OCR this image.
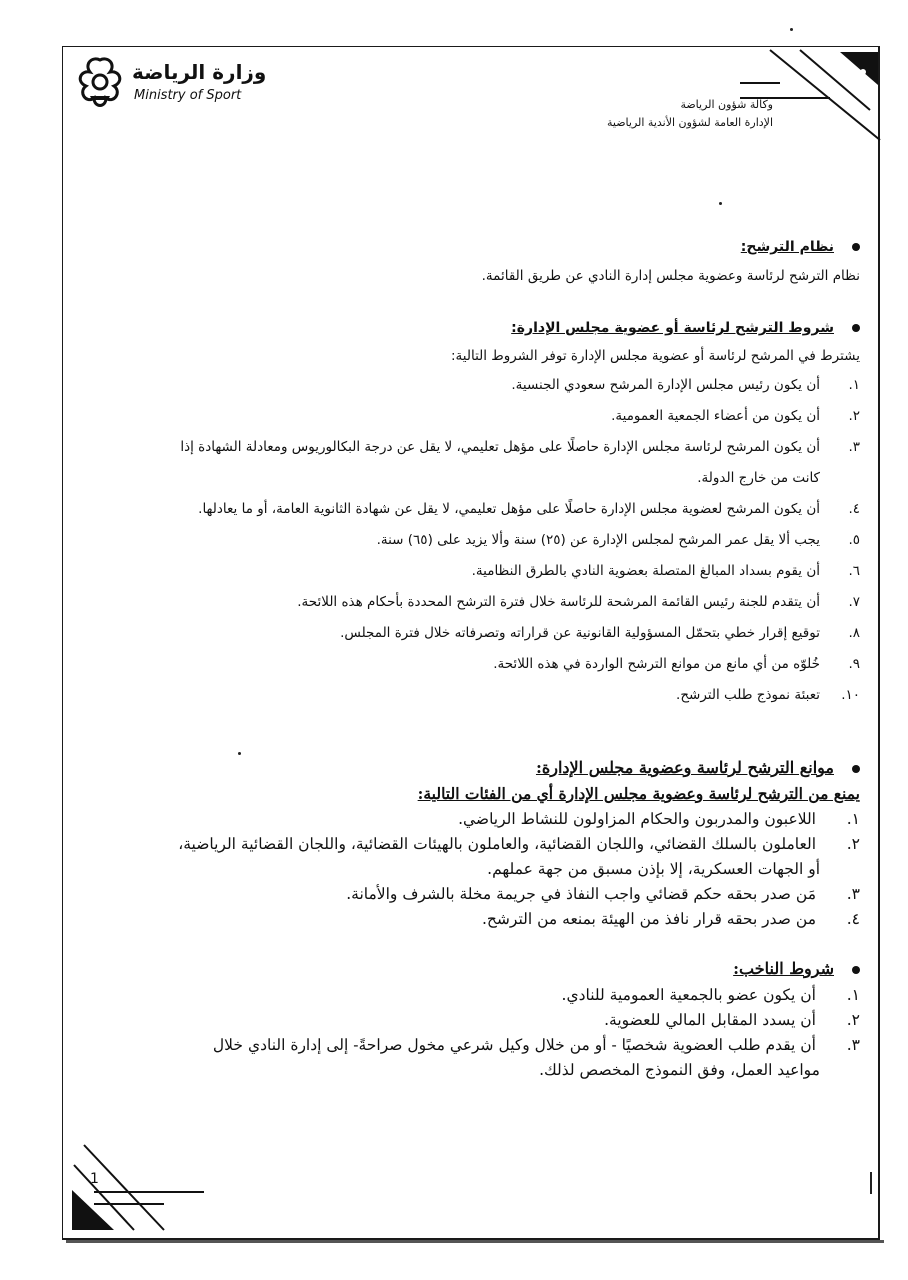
وزارة الرياضة
Ministry of Sport
وكالة شؤون الرياضة
الإدارة العامة لشؤون الأندية الرياضية
1
نظام الترشح:
نظام الترشح لرئاسة وعضوية مجلس إدارة النادي عن طريق القائمة.
شروط الترشح لرئاسة أو عضوية مجلس الإدارة:
يشترط في المرشح لرئاسة أو عضوية مجلس الإدارة توفر الشروط التالية:
١.أن يكون رئيس مجلس الإدارة المرشح سعودي الجنسية.
٢.أن يكون من أعضاء الجمعية العمومية.
٣.أن يكون المرشح لرئاسة مجلس الإدارة حاصلًا على مؤهل تعليمي، لا يقل عن درجة البكالوريوس ومعادلة الشهادة إذا
كانت من خارج الدولة.
٤.أن يكون المرشح لعضوية مجلس الإدارة حاصلًا على مؤهل تعليمي، لا يقل عن شهادة الثانوية العامة، أو ما يعادلها.
٥.يجب ألا يقل عمر المرشح لمجلس الإدارة عن (٢٥) سنة وألا يزيد على (٦٥) سنة.
٦.أن يقوم بسداد المبالغ المتصلة بعضوية النادي بالطرق النظامية.
٧.أن يتقدم للجنة رئيس القائمة المرشحة للرئاسة خلال فترة الترشح المحددة بأحكام هذه اللائحة.
٨.توقيع إقرار خطي بتحمّل المسؤولية القانونية عن قراراته وتصرفاته خلال فترة المجلس.
٩.خُلوّه من أي مانع من موانع الترشح الواردة في هذه اللائحة.
١٠.تعبئة نموذج طلب الترشح.
موانع الترشح لرئاسة وعضوية مجلس الإدارة:
يمنع من الترشح لرئاسة وعضوية مجلس الإدارة أي من الفئات التالية:
١.اللاعبون والمدربون والحكام المزاولون للنشاط الرياضي.
٢.العاملون بالسلك القضائي، واللجان القضائية، والعاملون بالهيئات القضائية، واللجان القضائية الرياضية،
أو الجهات العسكرية، إلا بإذن مسبق من جهة عملهم.
٣.مَن صدر بحقه حكم قضائي واجب النفاذ في جريمة مخلة بالشرف والأمانة.
٤.من صدر بحقه قرار نافذ من الهيئة بمنعه من الترشح.
شروط الناخب:
١.أن يكون عضو بالجمعية العمومية للنادي.
٢.أن يسدد المقابل المالي للعضوية.
٣.أن يقدم طلب العضوية شخصيًا - أو من خلال وكيل شرعي مخول صراحةً- إلى إدارة النادي خلال
مواعيد العمل، وفق النموذج المخصص لذلك.
